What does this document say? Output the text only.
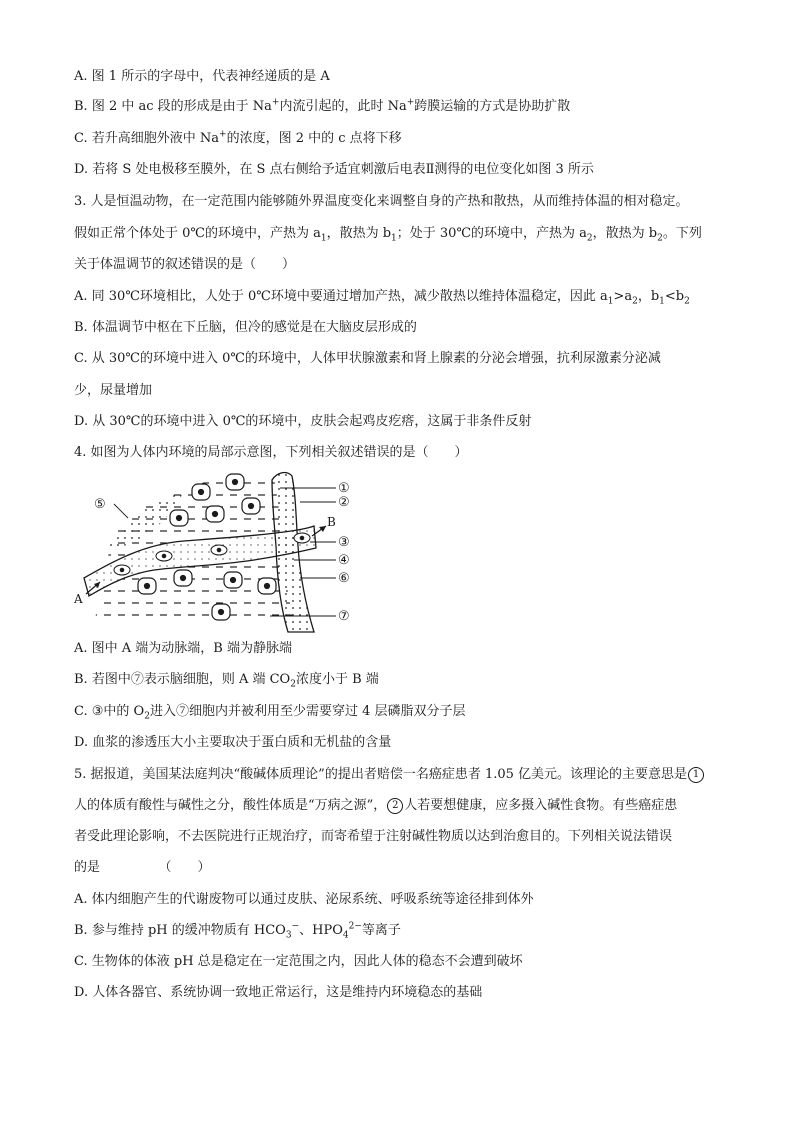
A. 图 1 所示的字母中，代表神经递质的是 A
B. 图 2 中 ac 段的形成是由于 Na+内流引起的，此时 Na+跨膜运输的方式是协助扩散
C. 若升高细胞外液中 Na+的浓度，图 2 中的 c 点将下移
D. 若将 S 处电极移至膜外，在 S 点右侧给予适宜刺激后电表Ⅱ测得的电位变化如图 3 所示
3. 人是恒温动物，在一定范围内能够随外界温度变化来调整自身的产热和散热，从而维持体温的相对稳定。
假如正常个体处于 0℃的环境中，产热为 $a_1$，散热为 $b_1$；处于 30℃的环境中，产热为 $a_2$，散热为 $b_2$。下列
关于体温调节的叙述错误的是（　　）
A. 同 30℃环境相比，人处于 0℃环境中要通过增加产热，减少散热以维持体温稳定，因此 $a_1>a_2$，$b_1<b_2$
B. 体温调节中枢在下丘脑，但冷的感觉是在大脑皮层形成的
C. 从 30℃的环境中进入 0℃的环境中，人体甲状腺激素和肾上腺素的分泌会增强，抗利尿激素分泌减
少，尿量增加
D. 从 30℃的环境中进入 0℃的环境中，皮肤会起鸡皮疙瘩，这属于非条件反射
4. 如图为人体内环境的局部示意图，下列相关叙述错误的是（　　）
A
B
①
②
③
④
⑤
⑥
⑦
A. 图中 A 端为动脉端，B 端为静脉端
B. 若图中⑦表示脑细胞，则 A 端 $CO_2$浓度小于 B 端
C. ③中的 $O_2$进入⑦细胞内并被利用至少需要穿过 4 层磷脂双分子层
D. 血浆的渗透压大小主要取决于蛋白质和无机盐的含量
5. 据报道，美国某法庭判决“酸碱体质理论”的提出者赔偿一名癌症患者 1.05 亿美元。该理论的主要意思是 1
人的体质有酸性与碱性之分，酸性体质是“万病之源”， 2 人若要想健康，应多摄入碱性食物。有些癌症患
者受此理论影响，不去医院进行正规治疗，而寄希望于注射碱性物质以达到治愈目的。下列相关说法错误
的是　　　　　（　　）
A. 体内细胞产生的代谢废物可以通过皮肤、泌尿系统、呼吸系统等途径排到体外
B. 参与维持 pH 的缓冲物质有 $HCO_3^-$、$HPO_4^{2-}$等离子
C. 生物体的体液 pH 总是稳定在一定范围之内，因此人体的稳态不会遭到破坏
D. 人体各器官、系统协调一致地正常运行，这是维持内环境稳态的基础
